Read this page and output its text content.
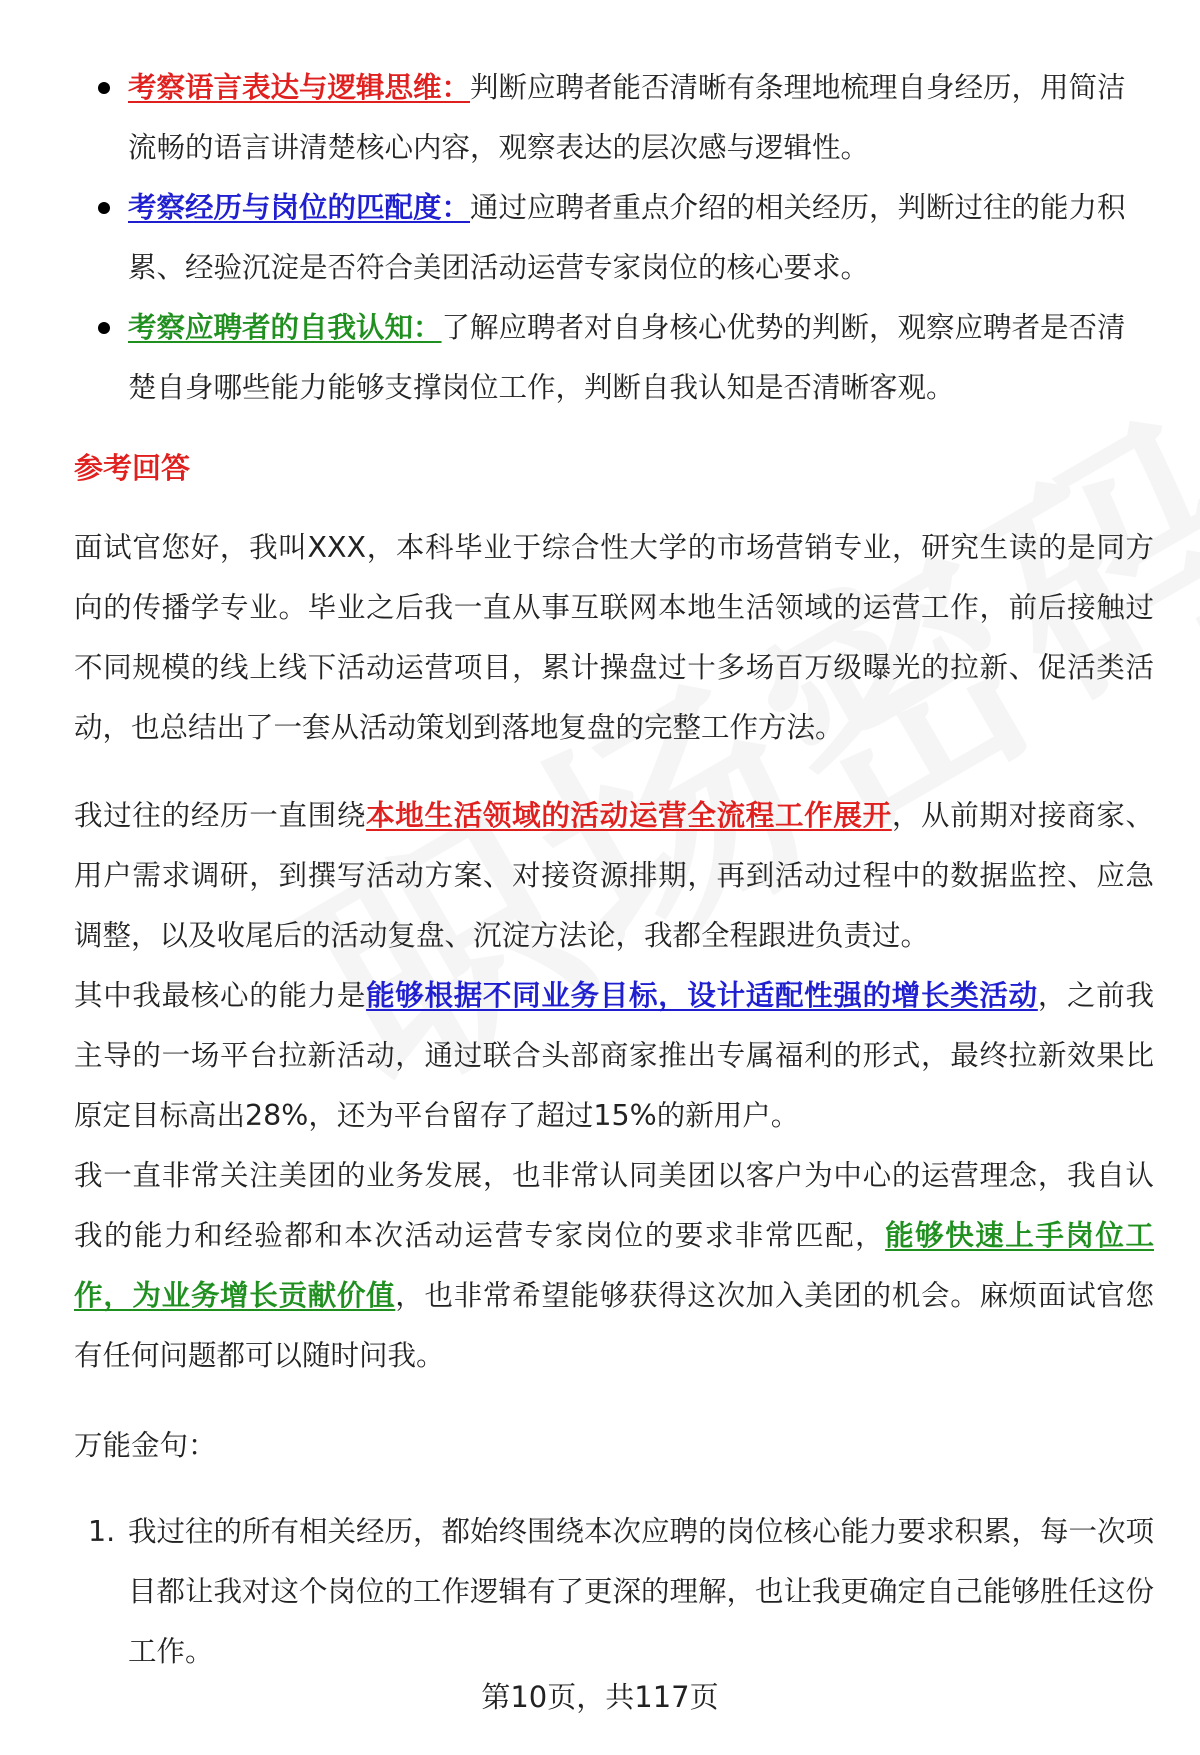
考察语言表达与逻辑思维：判断应聘者能否清晰有条理地梳理自身经历，用简洁流畅的语言讲清楚核心内容，观察表达的层次感与逻辑性。
考察经历与岗位的匹配度：通过应聘者重点介绍的相关经历，判断过往的能力积累、经验沉淀是否符合美团活动运营专家岗位的核心要求。
考察应聘者的自我认知：了解应聘者对自身核心优势的判断，观察应聘者是否清楚自身哪些能力能够支撑岗位工作，判断自我认知是否清晰客观。
参考回答

面试官您好，我叫XXX，本科毕业于综合性大学的市场营销专业，研究生读的是同方向的传播学专业。毕业之后我一直从事互联网本地生活领域的运营工作，前后接触过不同规模的线上线下活动运营项目，累计操盘过十多场百万级曝光的拉新、促活类活动，也总结出了一套从活动策划到落地复盘的完整工作方法。

我过往的经历一直围绕本地生活领域的活动运营全流程工作展开，从前期对接商家、用户需求调研，到撰写活动方案、对接资源排期，再到活动过程中的数据监控、应急调整，以及收尾后的活动复盘、沉淀方法论，我都全程跟进负责过。

其中我最核心的能力是能够根据不同业务目标，设计适配性强的增长类活动，之前我主导的一场平台拉新活动，通过联合头部商家推出专属福利的形式，最终拉新效果比原定目标高出28%，还为平台留存了超过15%的新用户。

我一直非常关注美团的业务发展，也非常认同美团以客户为中心的运营理念，我自认我的能力和经验都和本次活动运营专家岗位的要求非常匹配，能够快速上手岗位工作，为业务增长贡献价值，也非常希望能够获得这次加入美团的机会。麻烦面试官您有任何问题都可以随时问我。

万能金句：
1. 我过往的所有相关经历，都始终围绕本次应聘的岗位核心能力要求积累，每一次项目都让我对这个岗位的工作逻辑有了更深的理解，也让我更确定自己能够胜任这份工作。
第10页，共117页
